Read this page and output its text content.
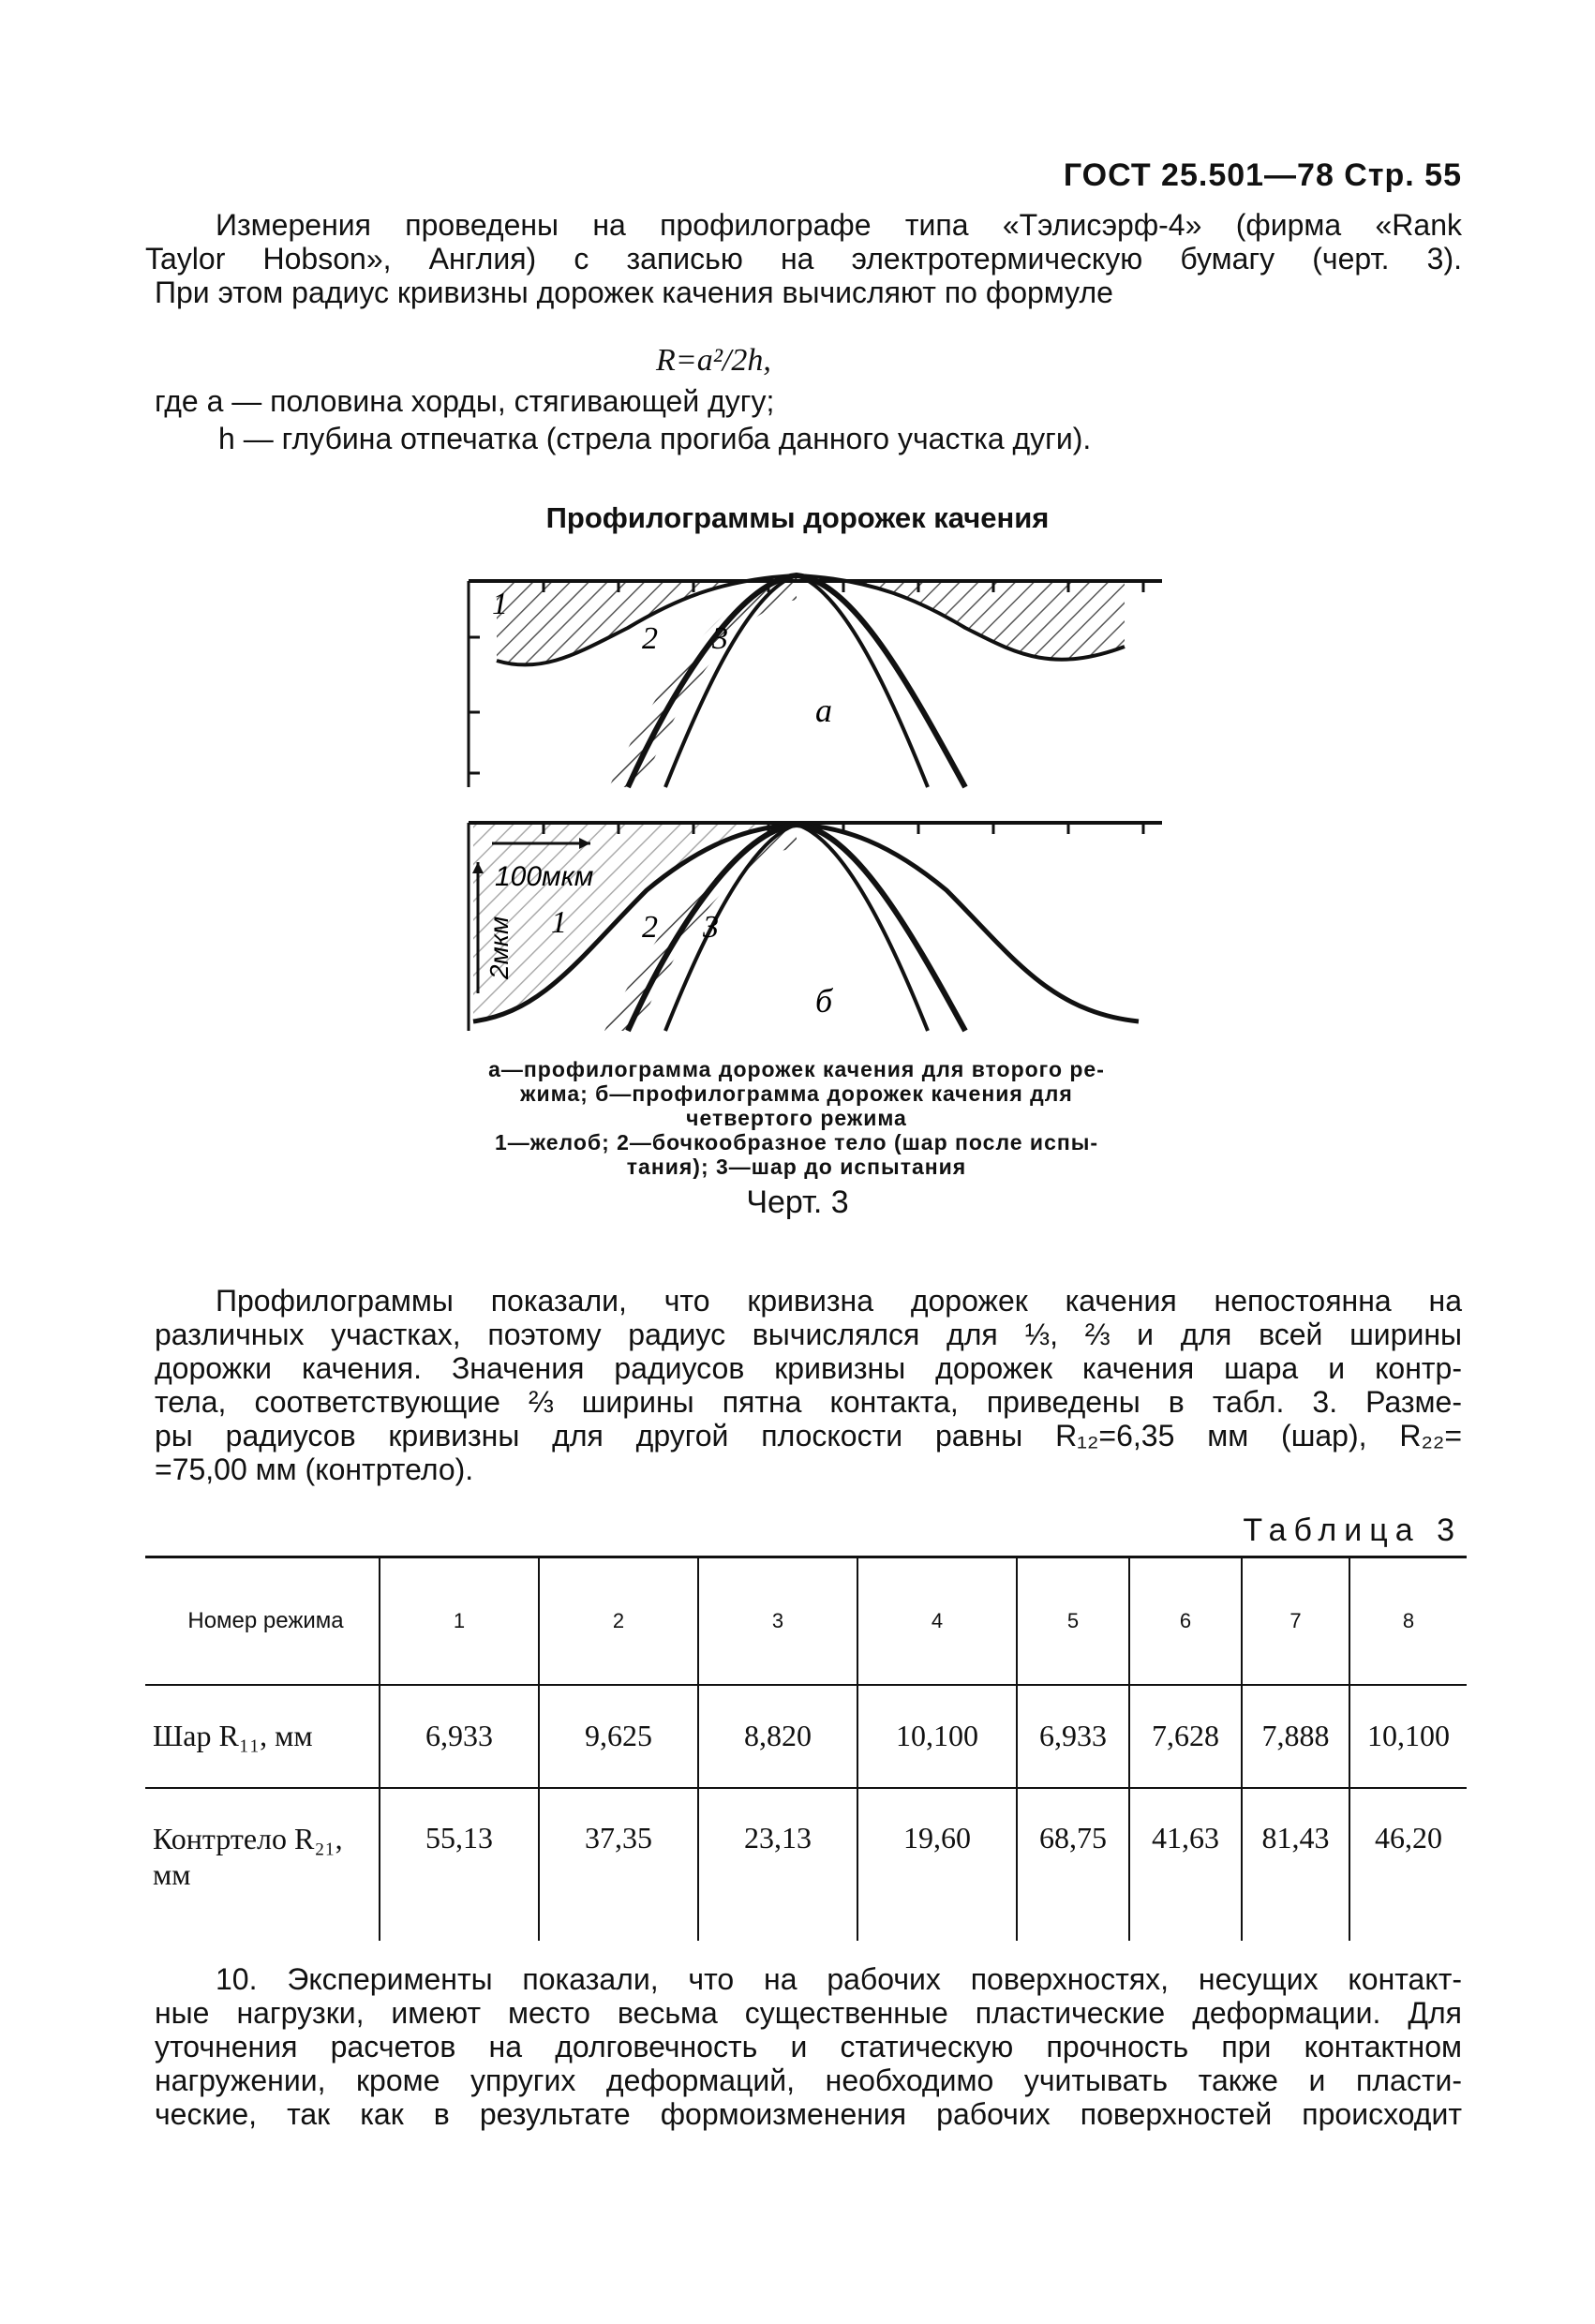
ГОСТ 25.501—78 Стр. 55
Измерения проведены на профилографе типа «Тэлисэрф-4» (фирма «Rank
Taylor Hobson», Англия) с записью на электротермическую бумагу (черт. 3).
При этом радиус кривизны дорожек качения вычисляют по формуле
R=a²/2h,
где a — половина хорды, стягивающей дугу;
h — глубина отпечатка (стрела прогиба данного участка дуги).
Профилограммы дорожек качения
1
2 3
а
100мкм
2мкм 1 2 3
б
а—профилограмма дорожек качения для второго ре-
жима; б—профилограмма дорожек качения для
четвертого режима
1—желоб; 2—бочкообразное тело (шар после испы-
тания); 3—шар до испытания
Черт. 3
Профилограммы показали, что кривизна дорожек качения непостоянна на
различных участках, поэтому радиус вычислялся для ⅓, ⅔ и для всей ширины
дорожки качения. Значения радиусов кривизны дорожек качения шара и контр-
тела, соответствующие ⅔ ширины пятна контакта, приведены в табл. 3. Разме-
ры радиусов кривизны для другой плоскости равны R₁₂=6,35 мм (шар), R₂₂=
=75,00 мм (контртело).
Таблица 3
Номер режима	1	2	3	4	5	6	7	8
Шар R₁₁, мм	6,933	9,625	8,820	10,100	6,933	7,628	7,888	10,100
Контртело R₂₁, мм	55,13	37,35	23,13	19,60	68,75	41,63	81,43	46,20
10. Эксперименты показали, что на рабочих поверхностях, несущих контакт-
ные нагрузки, имеют место весьма существенные пластические деформации. Для
уточнения расчетов на долговечность и статическую прочность при контактном
нагружении, кроме упругих деформаций, необходимо учитывать также и пласти-
ческие, так как в результате формоизменения рабочих поверхностей происходит
